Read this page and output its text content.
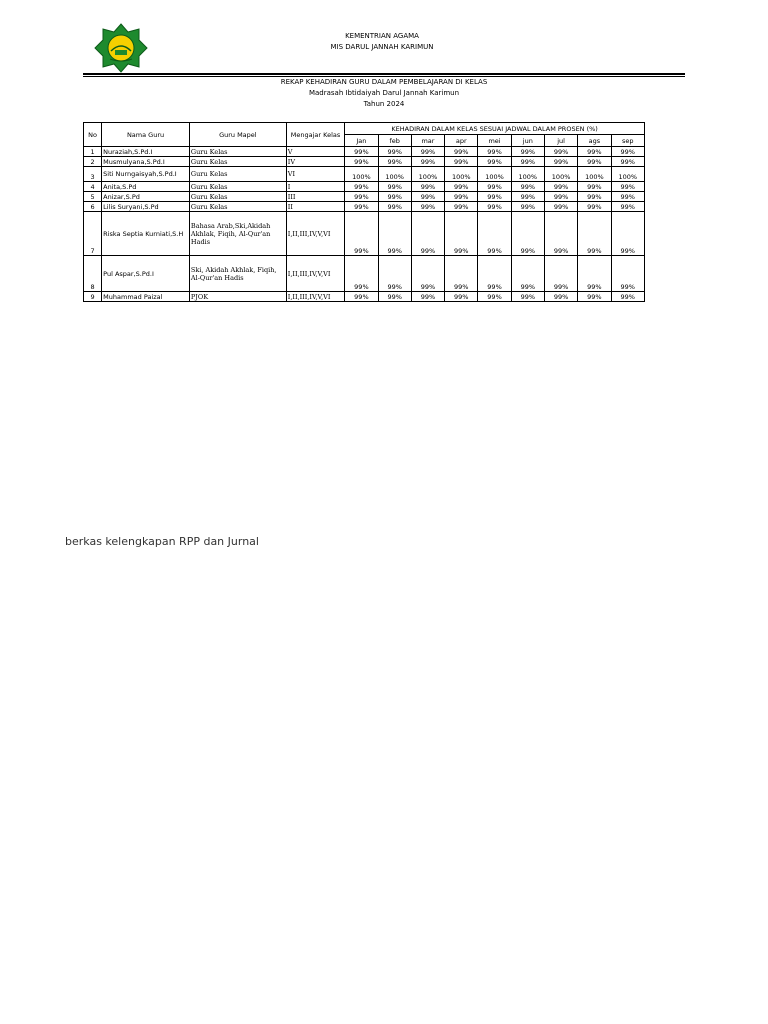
KEMENTRIAN AGAMA
MIS DARUL JANNAH KARIMUN
REKAP KEHADIRAN GURU DALAM PEMBELAJARAN DI KELAS
Madrasah Ibtidaiyah Darul Jannah Karimun
Tahun 2024
No	Nama Guru	Guru Mapel	Mengajar Kelas	KEHADIRAN DALAM KELAS SESUAI JADWAL DALAM PROSEN (%)								
				Jan	feb	mar	apr	mei	jun	jul	ags	sep
1	Nuraziah,S.Pd.I	Guru Kelas	V	99%	99%	99%	99%	99%	99%	99%	99%	99%
2	Musmulyana,S.Pd.I	Guru Kelas	IV	99%	99%	99%	99%	99%	99%	99%	99%	99%
3	Siti Nurngaisyah,S.Pd.I	Guru Kelas	VI	100%	100%	100%	100%	100%	100%	100%	100%	100%
4	Anita,S.Pd	Guru Kelas	I	99%	99%	99%	99%	99%	99%	99%	99%	99%
5	Anizar,S.Pd	Guru Kelas	III	99%	99%	99%	99%	99%	99%	99%	99%	99%
6	Lilis Suryani,S.Pd	Guru Kelas	II	99%	99%	99%	99%	99%	99%	99%	99%	99%
7	Riska Septia Kurniati,S.H	Bahasa Arab,Ski,Akidah Akhlak, Fiqih, Al-Qur'an Hadis	I,II,III,IV,V,VI	99%	99%	99%	99%	99%	99%	99%	99%	99%
8	Pul Aspar,S.Pd.I	Ski, Akidah Akhlak, Fiqih, Al-Qur'an Hadis	I,II,III,IV,V,VI	99%	99%	99%	99%	99%	99%	99%	99%	99%
9	Muhammad Paizal	PJOK	I,II,III,IV,V,VI	99%	99%	99%	99%	99%	99%	99%	99%	99%
berkas kelengkapan RPP dan Jurnal
